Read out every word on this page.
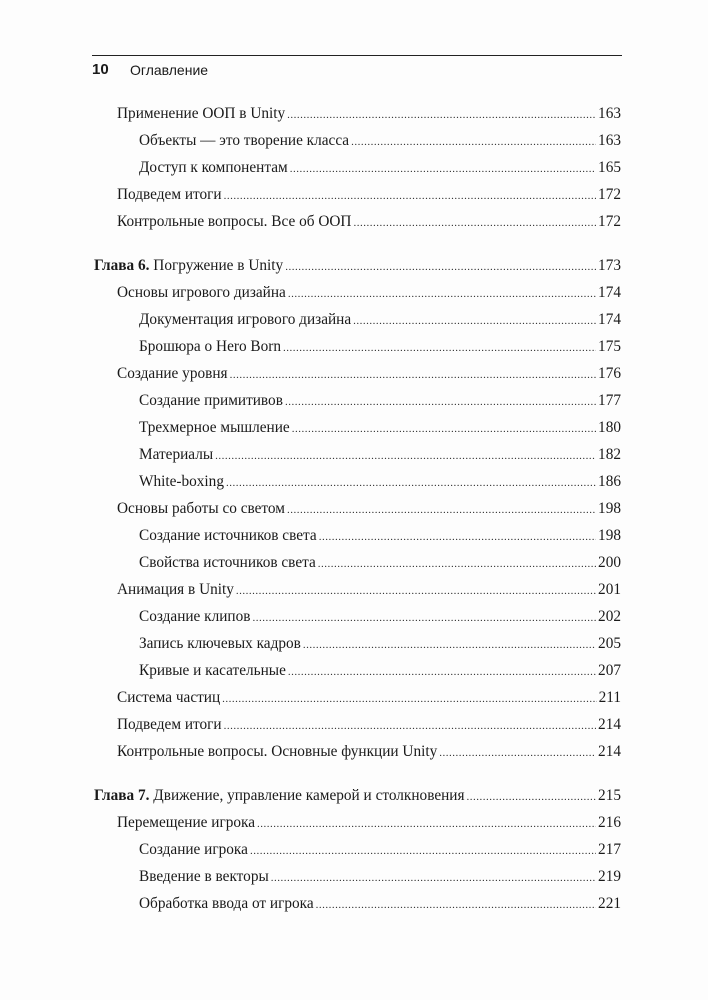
10 Оглавление
Применение ООП в Unity .....	163
Объекты — это творение класса .....	163
Доступ к компонентам .....	165
Подведем итоги .....	172
Контрольные вопросы. Все об ООП .....	172
Глава 6. Погружение в Unity .....	173
Основы игрового дизайна .....	174
Документация игрового дизайна .....	174
Брошюра о Hero Born .....	175
Создание уровня .....	176
Создание примитивов .....	177
Трехмерное мышление .....	180
Материалы .....	182
White-boxing .....	186
Основы работы со светом .....	198
Создание источников света .....	198
Свойства источников света .....	200
Анимация в Unity .....	201
Создание клипов .....	202
Запись ключевых кадров .....	205
Кривые и касательные .....	207
Система частиц .....	211
Подведем итоги .....	214
Контрольные вопросы. Основные функции Unity .....	214
Глава 7. Движение, управление камерой и столкновения .....	215
Перемещение игрока .....	216
Создание игрока .....	217
Введение в векторы .....	219
Обработка ввода от игрока .....	221
